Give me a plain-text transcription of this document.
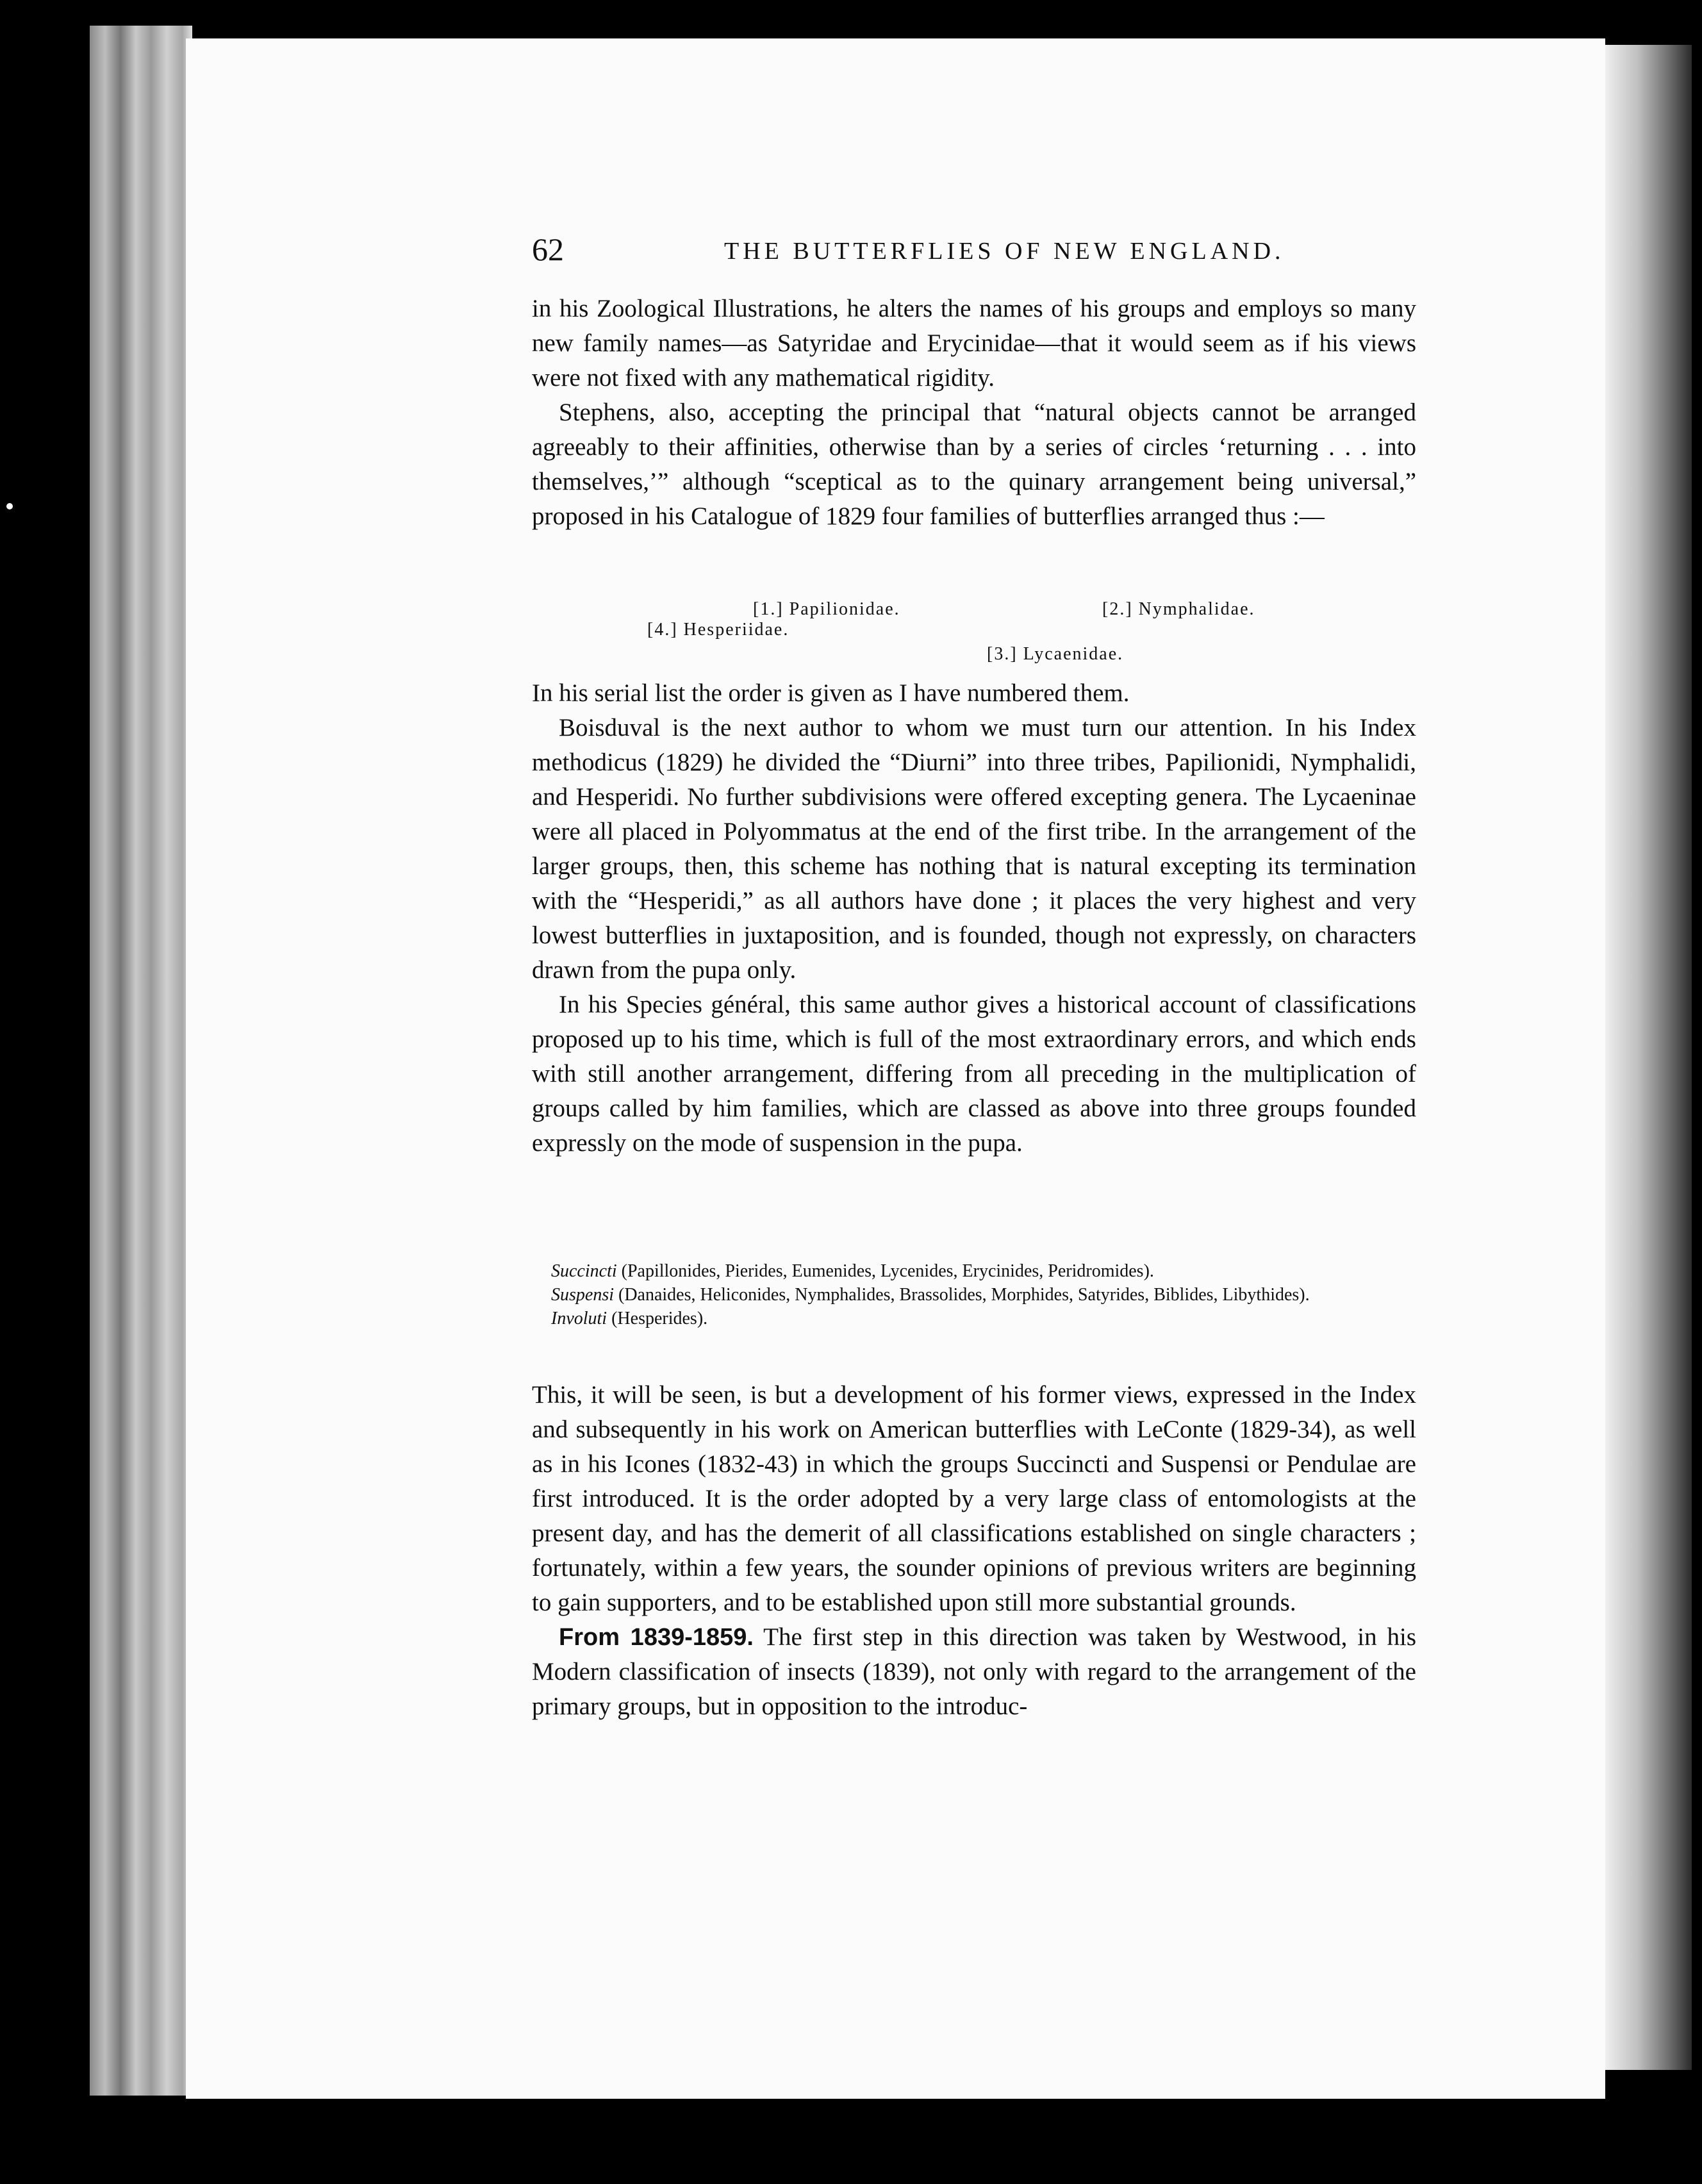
62	THE BUTTERFLIES OF NEW ENGLAND.

in his Zoological Illustrations, he alters the names of his groups and employs so many new family names—as Satyridae and Erycinidae—that it would seem as if his views were not fixed with any mathematical rigidity.

Stephens, also, accepting the principal that “natural objects cannot be arranged agreeably to their affinities, otherwise than by a series of circles ‘returning . . . into themselves,’” although “sceptical as to the quinary arrangement being universal,” proposed in his Catalogue of 1829 four families of butterflies arranged thus :—

[1.] Papilionidae.	[2.] Nymphalidae.
[4.] Hesperiidae.
[3.] Lycaenidae.

In his serial list the order is given as I have numbered them.

Boisduval is the next author to whom we must turn our attention. In his Index methodicus (1829) he divided the “Diurni” into three tribes, Papilionidi, Nymphalidi, and Hesperidi. No further subdivisions were offered excepting genera. The Lycaeninae were all placed in Polyommatus at the end of the first tribe. In the arrangement of the larger groups, then, this scheme has nothing that is natural excepting its termination with the “Hesperidi,” as all authors have done ; it places the very highest and very lowest butterflies in juxtaposition, and is founded, though not expressly, on characters drawn from the pupa only.

In his Species général, this same author gives a historical account of classifications proposed up to his time, which is full of the most extraordinary errors, and which ends with still another arrangement, differing from all preceding in the multiplication of groups called by him families, which are classed as above into three groups founded expressly on the mode of suspension in the pupa.

Succincti (Papillonides, Pierides, Eumenides, Lycenides, Erycinides, Peridromides).

Suspensi (Danaides, Heliconides, Nymphalides, Brassolides, Morphides, Satyrides, Biblides, Libythides).

Involuti (Hesperides).

This, it will be seen, is but a development of his former views, expressed in the Index and subsequently in his work on American butterflies with LeConte (1829-34), as well as in his Icones (1832-43) in which the groups Succincti and Suspensi or Pendulae are first introduced. It is the order adopted by a very large class of entomologists at the present day, and has the demerit of all classifications established on single characters ; fortunately, within a few years, the sounder opinions of previous writers are beginning to gain supporters, and to be established upon still more substantial grounds.

From 1839-1859. The first step in this direction was taken by Westwood, in his Modern classification of insects (1839), not only with regard to the arrangement of the primary groups, but in opposition to the introduc-
